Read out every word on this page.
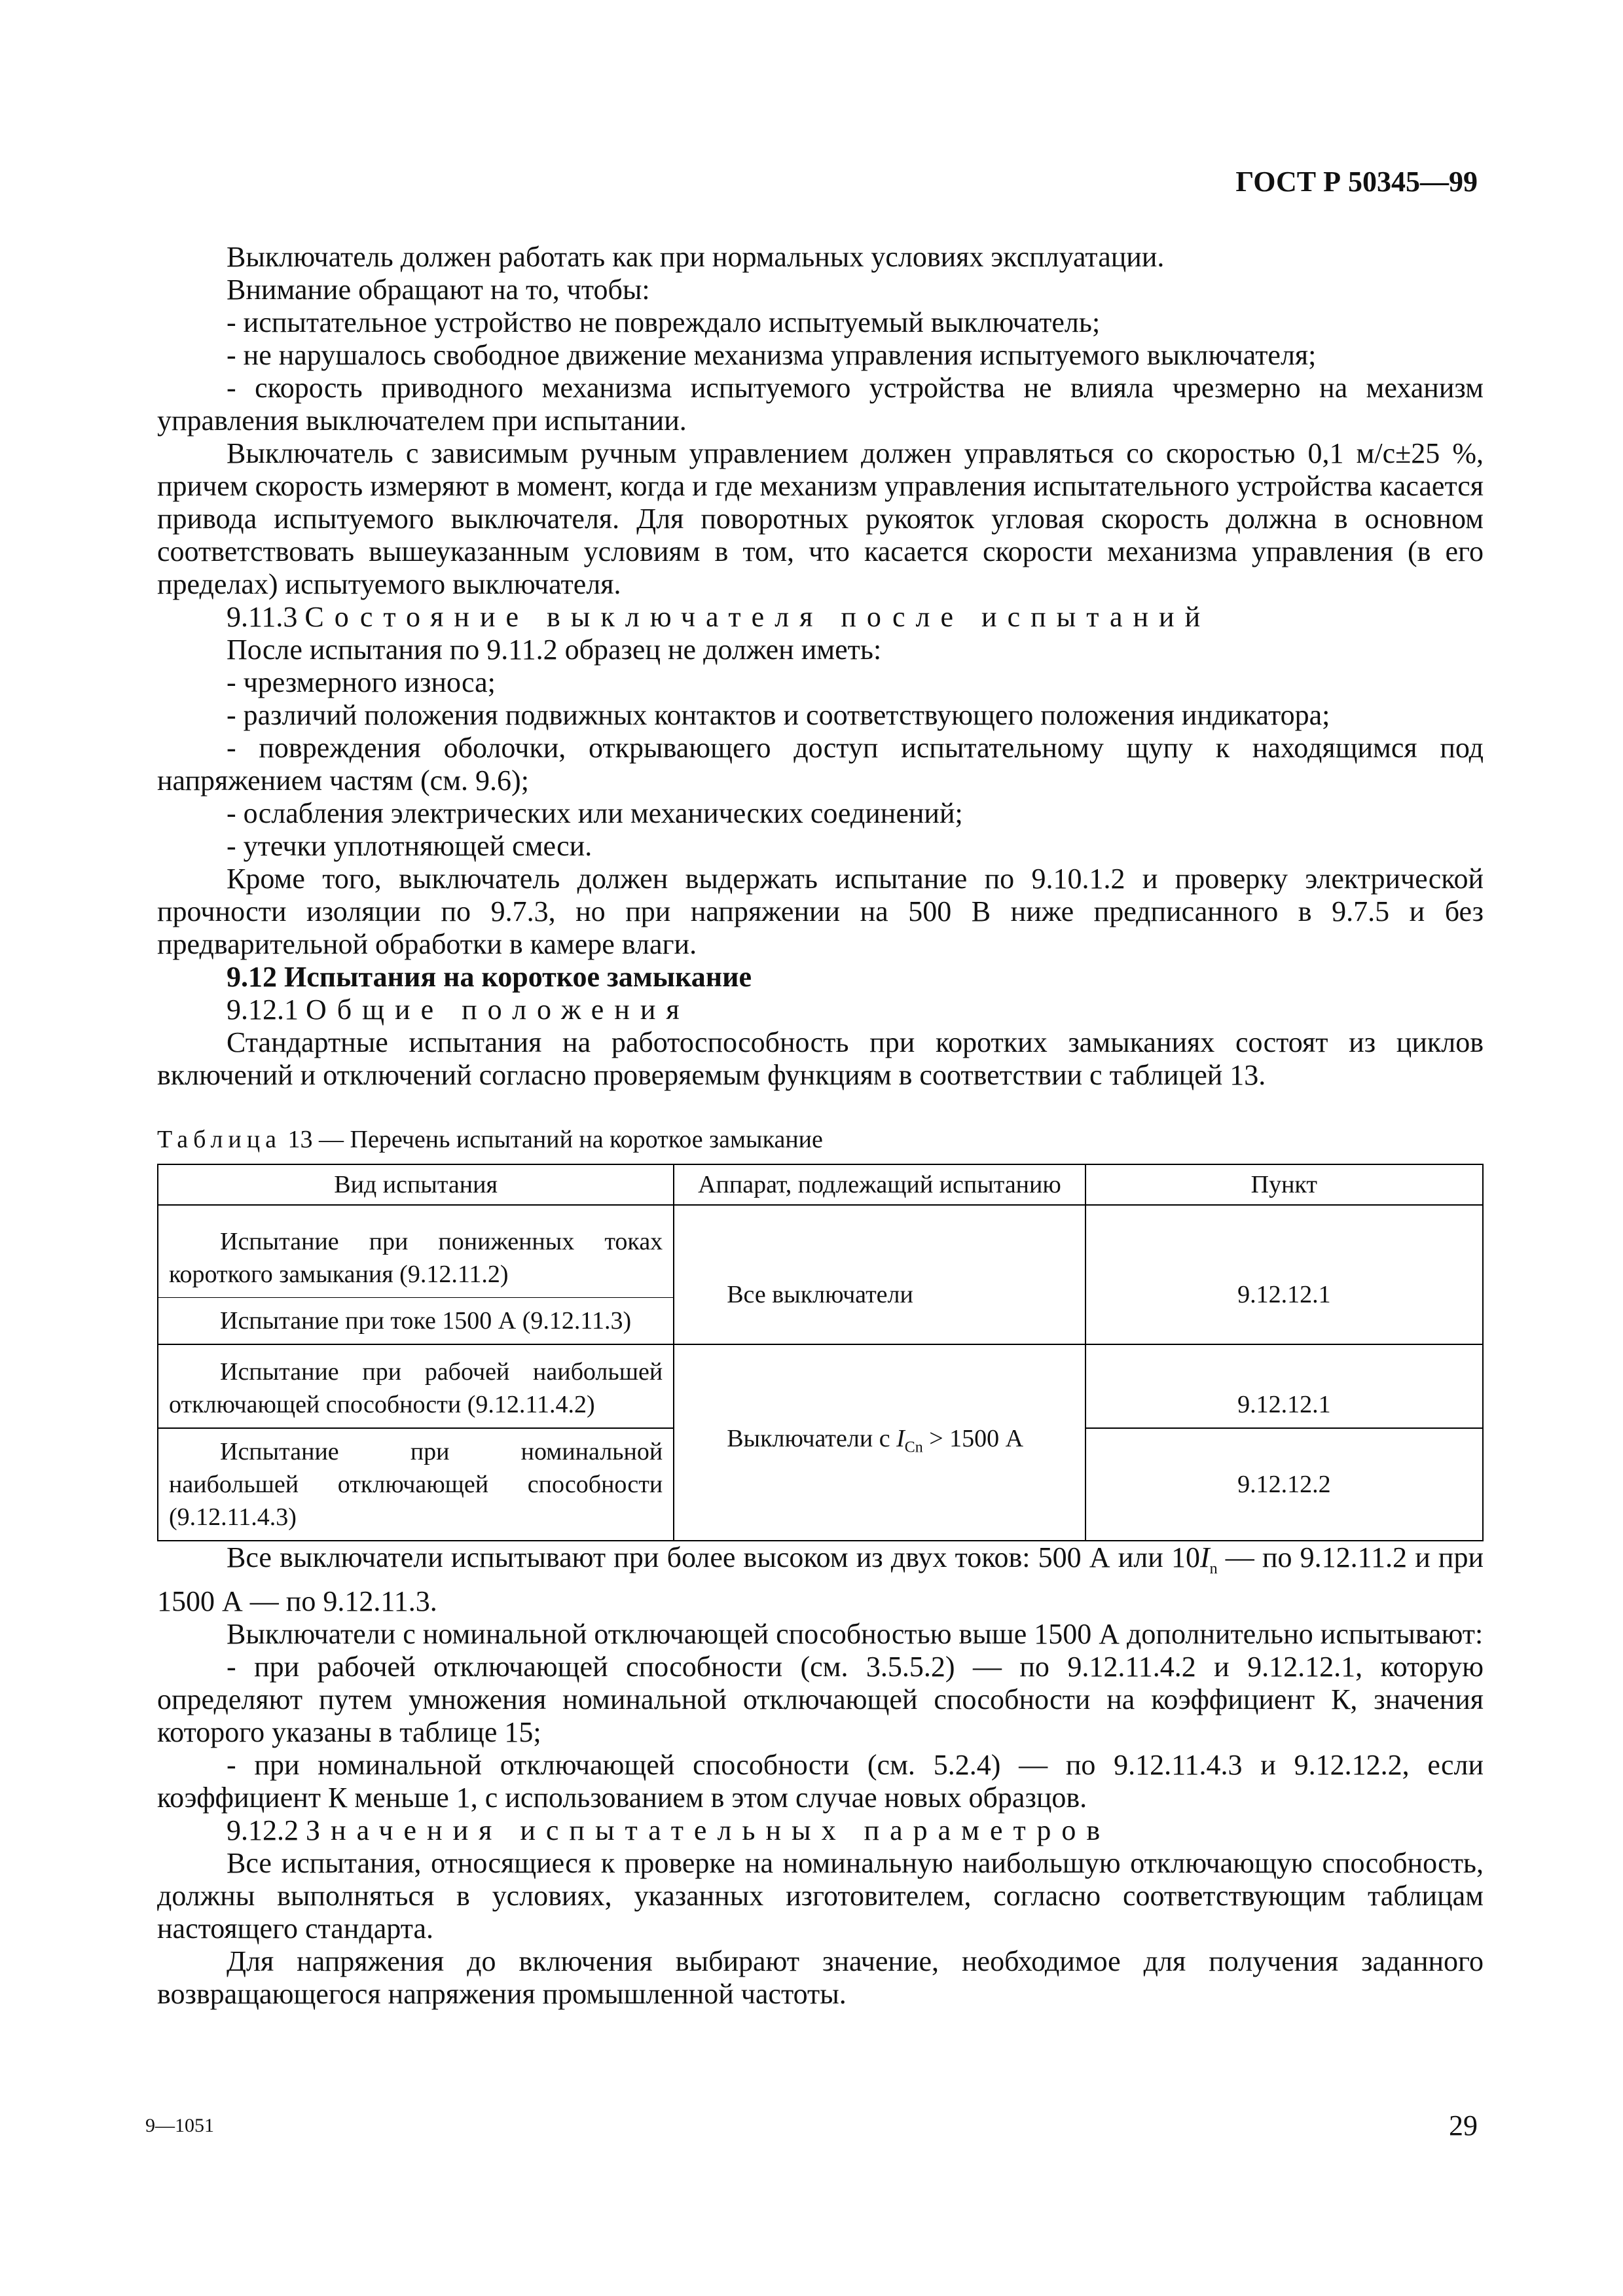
ГОСТ Р 50345—99

Выключатель должен работать как при нормальных условиях эксплуатации.

Внимание обращают на то, чтобы:

- испытательное устройство не повреждало испытуемый выключатель;

- не нарушалось свободное движение механизма управления испытуемого выключателя;

- скорость приводного механизма испытуемого устройства не влияла чрезмерно на механизм управления выключателем при испытании.

Выключатель с зависимым ручным управлением должен управляться со скоростью 0,1 м/с±25 %, причем скорость измеряют в момент, когда и где механизм управления испытательного устройства касается привода испытуемого выключателя. Для поворотных рукояток угловая скорость должна в основном соответствовать вышеуказанным условиям в том, что касается скорости механизма управления (в его пределах) испытуемого выключателя.

9.11.3 Состояние выключателя после испытаний

После испытания по 9.11.2 образец не должен иметь:

- чрезмерного износа;

- различий положения подвижных контактов и соответствующего положения индикатора;

- повреждения оболочки, открывающего доступ испытательному щупу к находящимся под напряжением частям (см. 9.6);

- ослабления электрических или механических соединений;

- утечки уплотняющей смеси.

Кроме того, выключатель должен выдержать испытание по 9.10.1.2 и проверку электрической прочности изоляции по 9.7.3, но при напряжении на 500 В ниже предписанного в 9.7.5 и без предварительной обработки в камере влаги.

9.12 Испытания на короткое замыкание

9.12.1 Общие положения

Стандартные испытания на работоспособность при коротких замыканиях состоят из циклов включений и отключений согласно проверяемым функциям в соответствии с таблицей 13.

Таблица 13 — Перечень испытаний на короткое замыкание
Вид испытания	Аппарат, подлежащий испытанию	Пункт

Испытание при пониженных токах короткого замыкания (9.12.11.2)	Все выключатели	9.12.12.1

Испытание при токе 1500 А (9.12.11.3)		

Испытание при рабочей наибольшей отключающей способности (9.12.11.4.2)	Выключатели с $I_{Cn} > 1500$ А	9.12.12.1

Испытание при номинальной наибольшей отключающей способности (9.12.11.4.3)		9.12.12.2

Все выключатели испытывают при более высоком из двух токов: 500 А или $10I_n$ — по 9.12.11.2 и при 1500 А — по 9.12.11.3.

Выключатели с номинальной отключающей способностью выше 1500 А дополнительно испытывают:

- при рабочей отключающей способности (см. 3.5.5.2) — по 9.12.11.4.2 и 9.12.12.1, которую определяют путем умножения номинальной отключающей способности на коэффициент К, значения которого указаны в таблице 15;

- при номинальной отключающей способности (см. 5.2.4) — по 9.12.11.4.3 и 9.12.12.2, если коэффициент К меньше 1, с использованием в этом случае новых образцов.

9.12.2 Значения испытательных параметров

Все испытания, относящиеся к проверке на номинальную наибольшую отключающую способность, должны выполняться в условиях, указанных изготовителем, согласно соответствующим таблицам настоящего стандарта.

Для напряжения до включения выбирают значение, необходимое для получения заданного возвращающегося напряжения промышленной частоты.

9—1051	29
